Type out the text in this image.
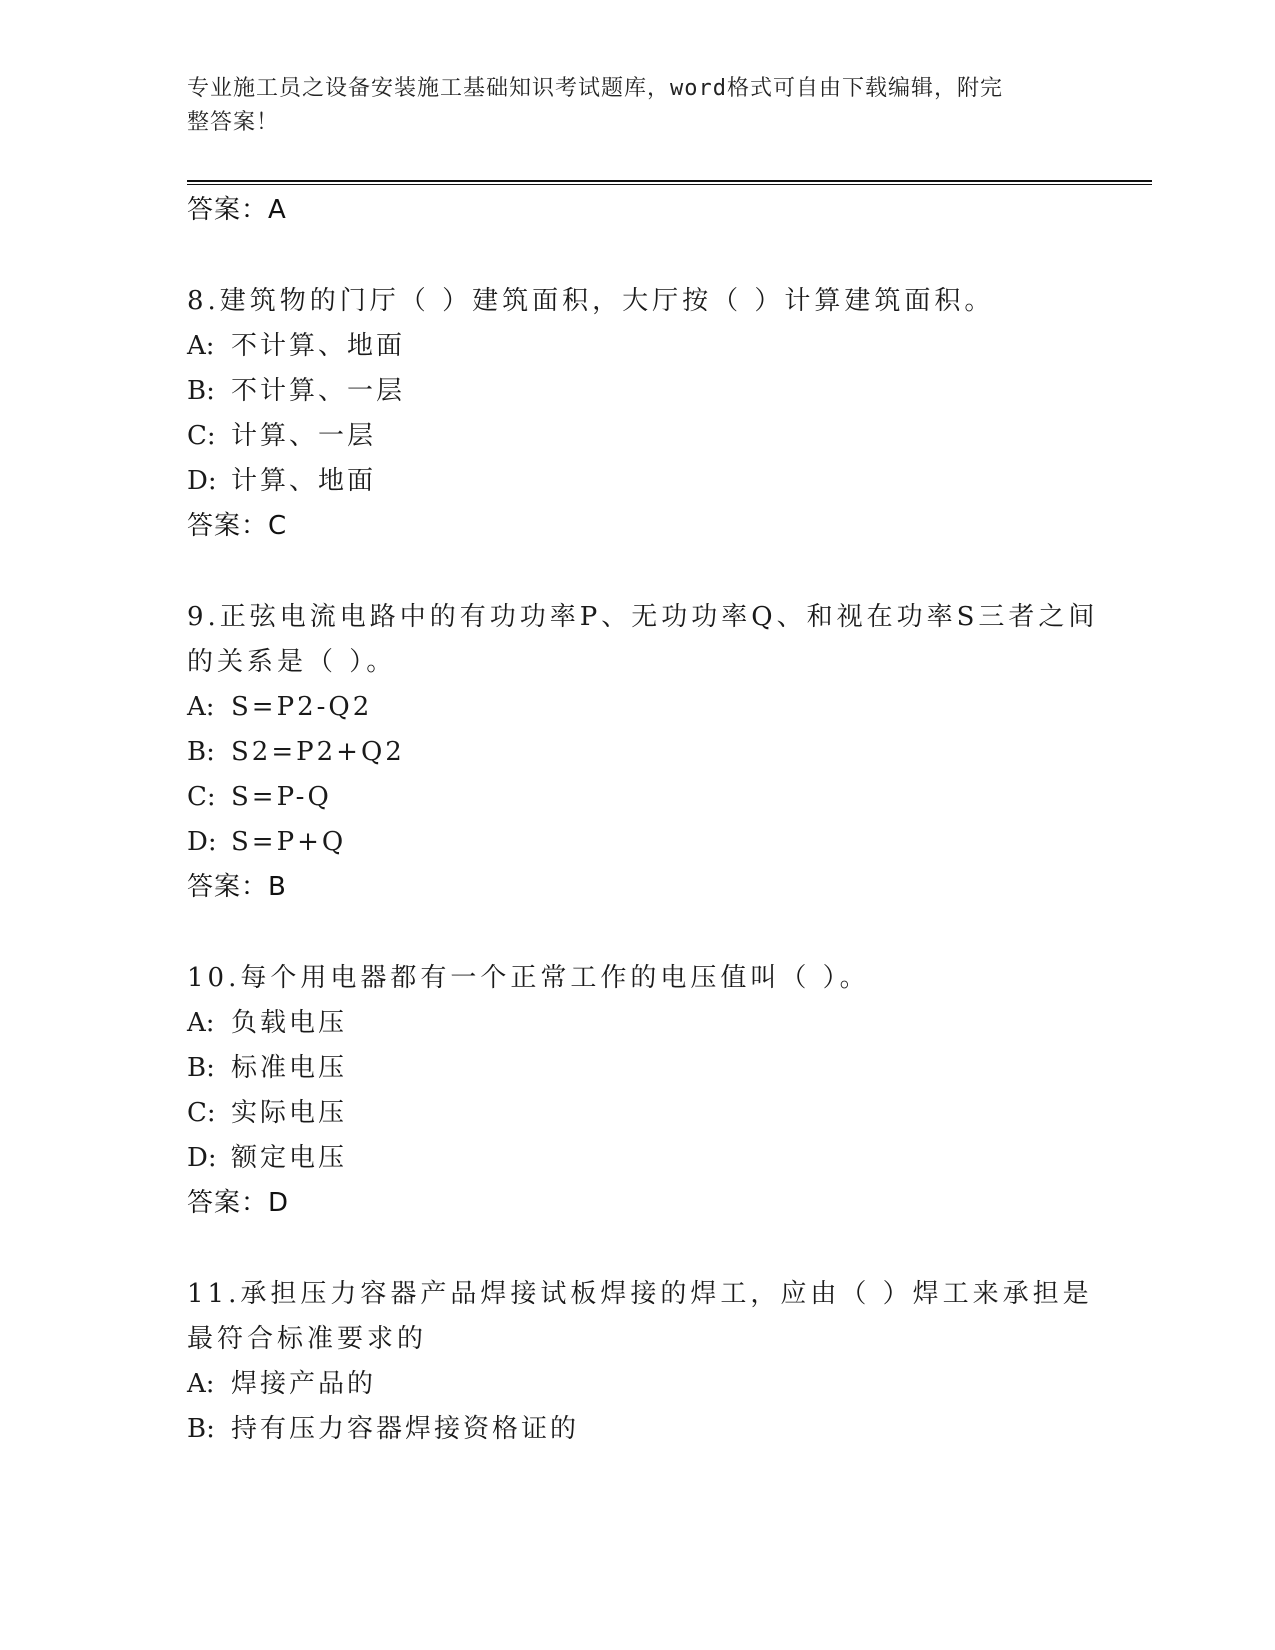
专业施工员之设备安装施工基础知识考试题库，word格式可自由下载编辑，附完
整答案！
答案：A
8.建筑物的门厅（ ）建筑面积，大厅按（ ）计算建筑面积。
A: 不计算、地面
B: 不计算、一层
C: 计算、一层
D: 计算、地面
答案：C
9.正弦电流电路中的有功功率P、无功功率Q、和视在功率S三者之间
的关系是（ ）。
A: S=P2-Q2
B: S2=P2+Q2
C: S=P-Q
D: S=P+Q
答案：B
10.每个用电器都有一个正常工作的电压值叫（ ）。
A: 负载电压
B: 标准电压
C: 实际电压
D: 额定电压
答案：D
11.承担压力容器产品焊接试板焊接的焊工，应由（ ）焊工来承担是
最符合标准要求的
A: 焊接产品的
B: 持有压力容器焊接资格证的
